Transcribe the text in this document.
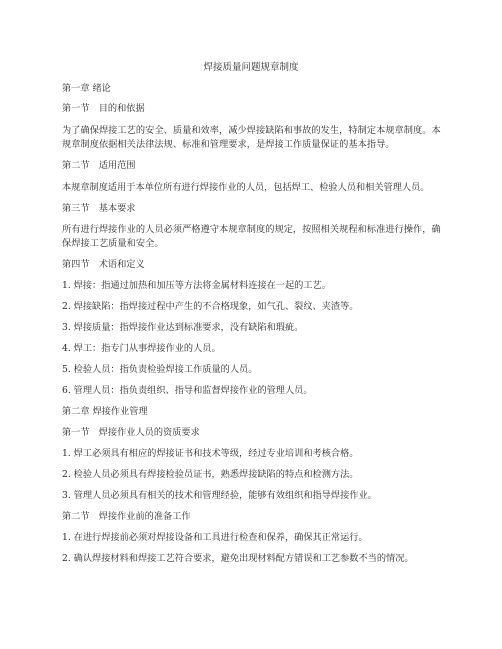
焊接质量问题规章制度
第一章 绪论
第一节　目的和依据
为了确保焊接工艺的安全、质量和效率，减少焊接缺陷和事故的发生，特制定本规章制度。本规章制度依据相关法律法规、标准和管理要求，是焊接工作质量保证的基本指导。
第二节　适用范围
本规章制度适用于本单位所有进行焊接作业的人员，包括焊工、检验人员和相关管理人员。
第三节　基本要求
所有进行焊接作业的人员必须严格遵守本规章制度的规定，按照相关规程和标准进行操作，确保焊接工艺质量和安全。
第四节　术语和定义
1. 焊接：指通过加热和加压等方法将金属材料连接在一起的工艺。
2. 焊接缺陷：指焊接过程中产生的不合格现象，如气孔、裂纹、夹渣等。
3. 焊接质量：指焊接作业达到标准要求，没有缺陷和瑕疵。
4. 焊工：指专门从事焊接作业的人员。
5. 检验人员：指负责检验焊接工作质量的人员。
6. 管理人员：指负责组织、指导和监督焊接作业的管理人员。
第二章 焊接作业管理
第一节　焊接作业人员的资质要求
1. 焊工必须具有相应的焊接证书和技术等级，经过专业培训和考核合格。
2. 检验人员必须具有焊接检验员证书，熟悉焊接缺陷的特点和检测方法。
3. 管理人员必须具有相关的技术和管理经验，能够有效组织和指导焊接作业。
第二节　焊接作业前的准备工作
1. 在进行焊接前必须对焊接设备和工具进行检查和保养，确保其正常运行。
2. 确认焊接材料和焊接工艺符合要求，避免出现材料配方错误和工艺参数不当的情况。
